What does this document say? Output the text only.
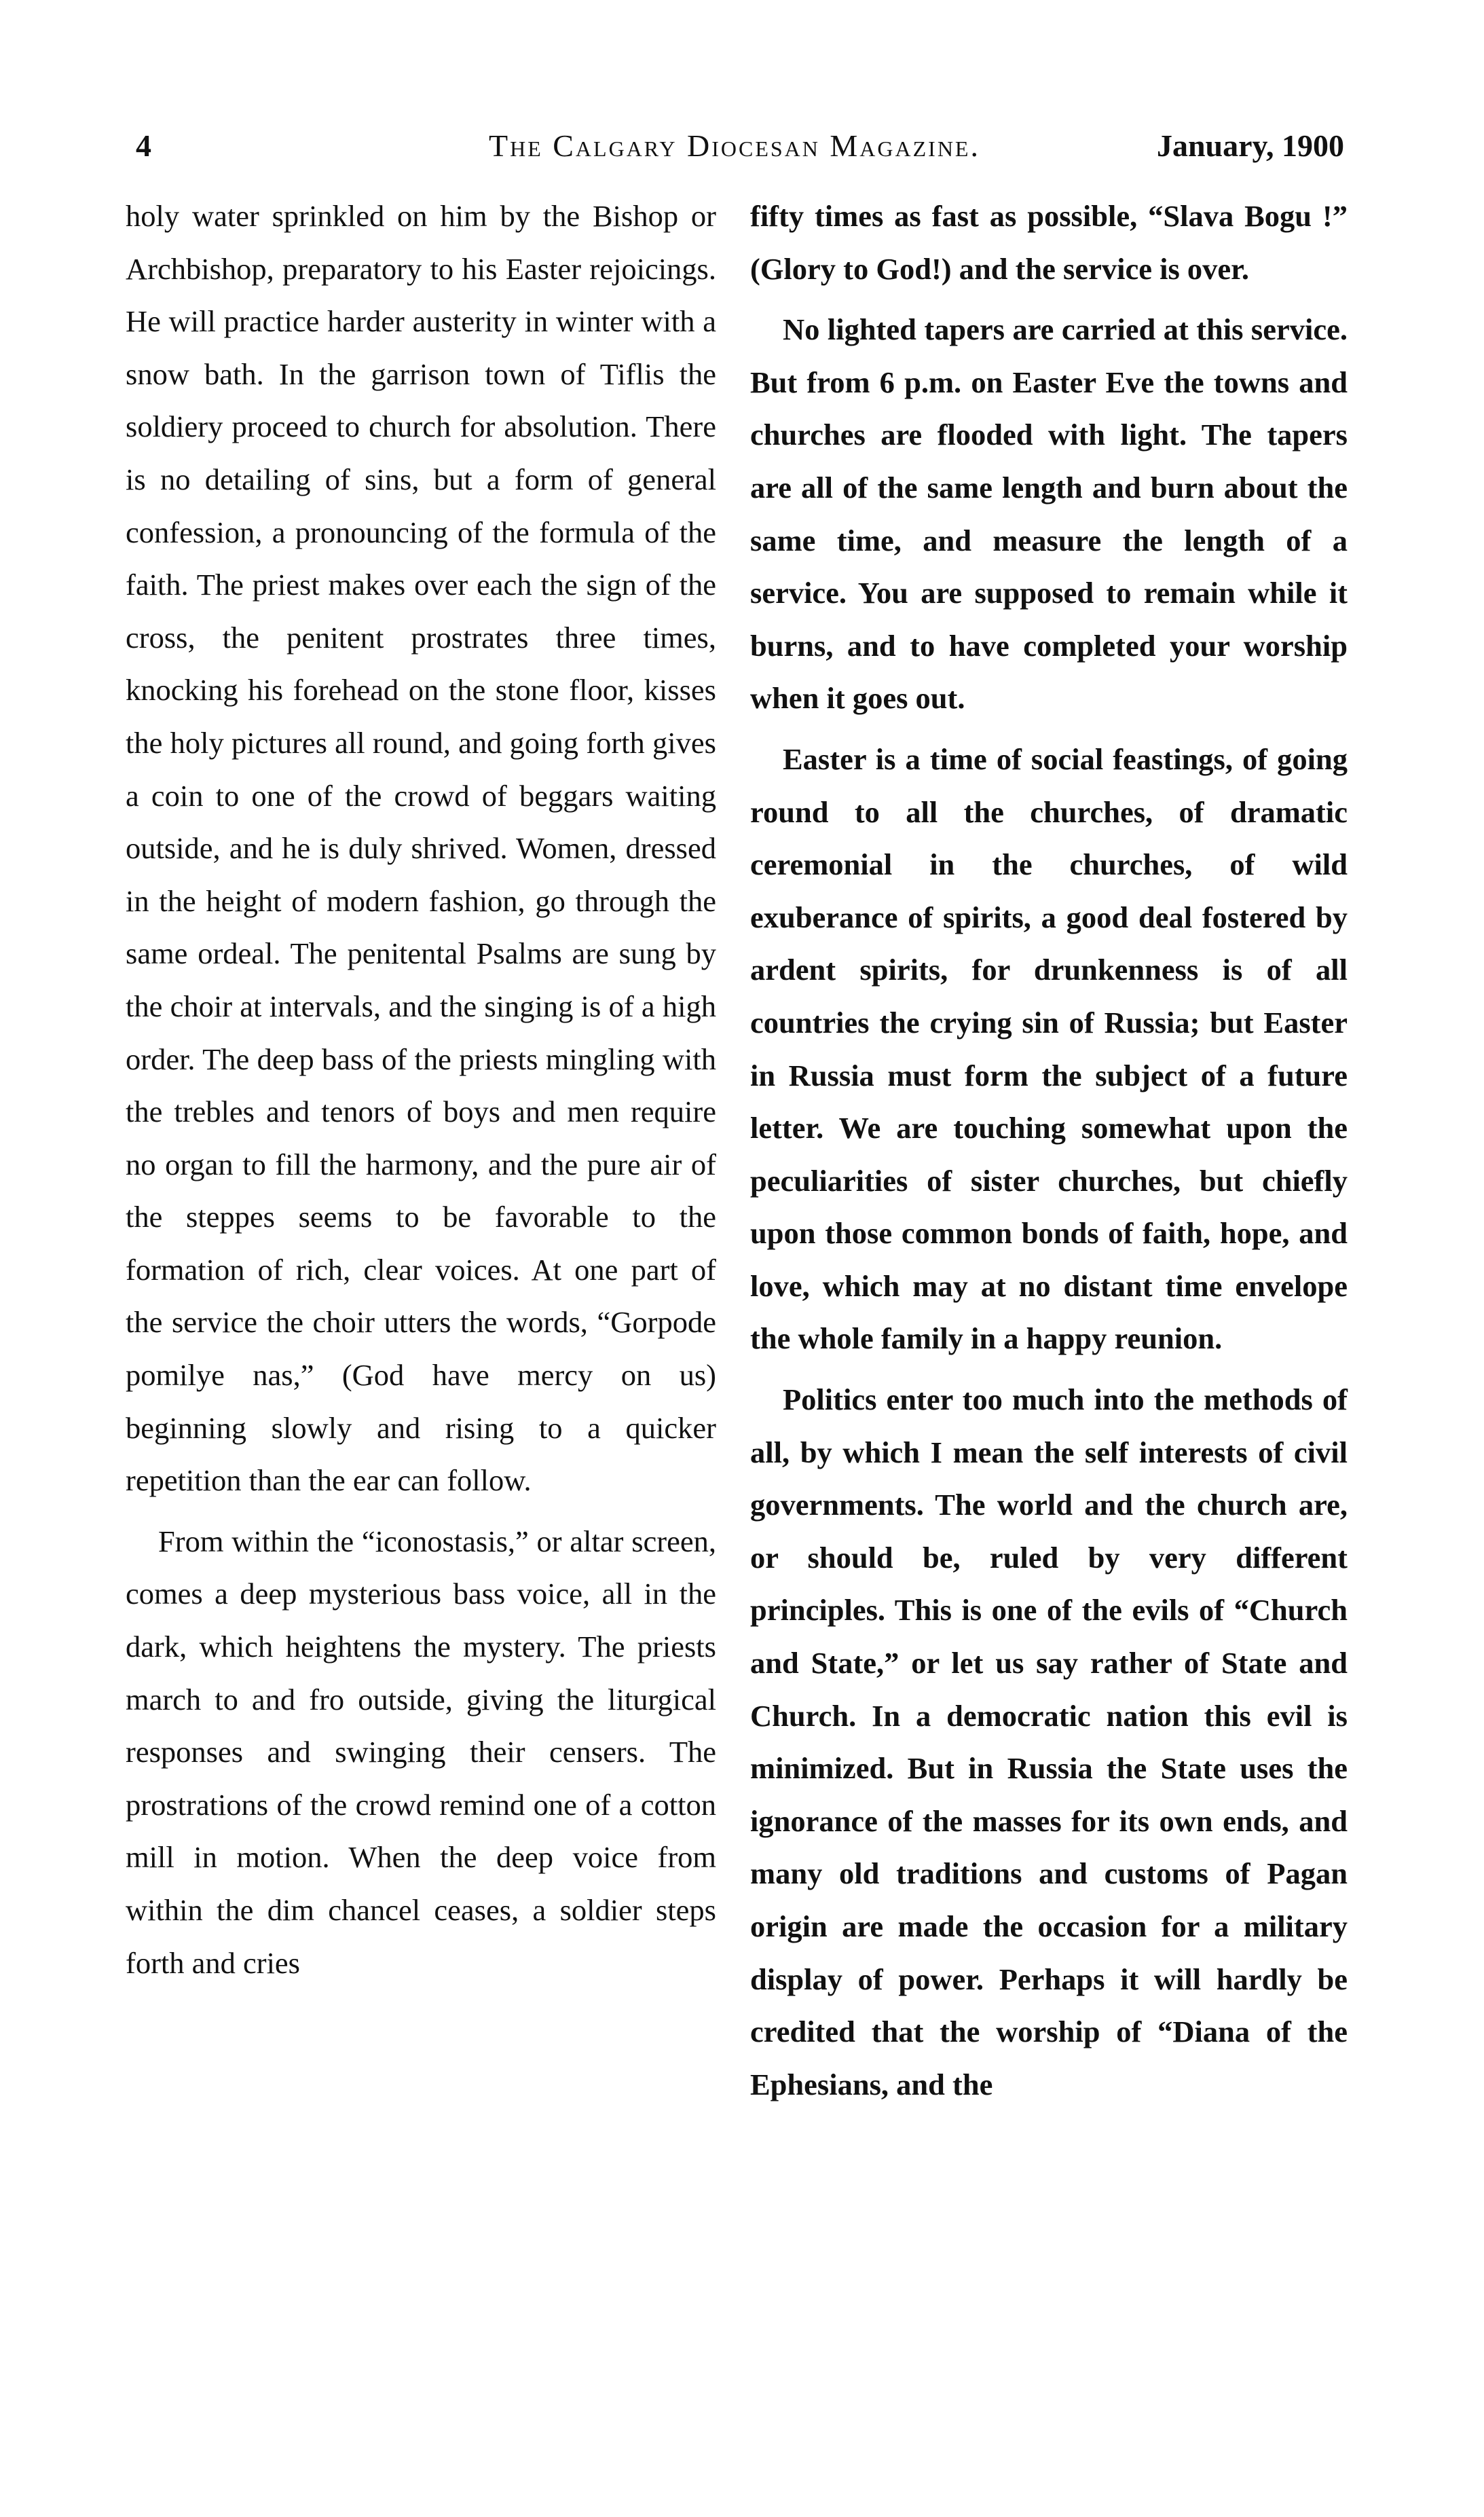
4	The Calgary Diocesan Magazine.	January, 1900

holy water sprinkled on him by the Bishop or Archbishop, preparatory to his Easter rejoicings. He will practice harder austerity in winter with a snow bath. In the garrison town of Tiflis the soldiery proceed to church for absolution. There is no detailing of sins, but a form of general confession, a pronouncing of the formula of the faith. The priest makes over each the sign of the cross, the penitent prostrates three times, knocking his forehead on the stone floor, kisses the holy pictures all round, and going forth gives a coin to one of the crowd of beggars waiting outside, and he is duly shrived. Women, dressed in the height of modern fashion, go through the same ordeal. The penitental Psalms are sung by the choir at intervals, and the singing is of a high order. The deep bass of the priests mingling with the trebles and tenors of boys and men require no organ to fill the harmony, and the pure air of the steppes seems to be favorable to the formation of rich, clear voices. At one part of the service the choir utters the words, “Gorpode pomilye nas,” (God have mercy on us) beginning slowly and rising to a quicker repetition than the ear can follow.

From within the “iconostasis,” or altar screen, comes a deep mysterious bass voice, all in the dark, which heightens the mystery. The priests march to and fro outside, giving the liturgical responses and swinging their censers. The prostrations of the crowd remind one of a cotton mill in motion. When the deep voice from within the dim chancel ceases, a soldier steps forth and cries

fifty times as fast as possible, “Slava Bogu !” (Glory to God!) and the service is over.

No lighted tapers are carried at this service. But from 6 p.m. on Easter Eve the towns and churches are flooded with light. The tapers are all of the same length and burn about the same time, and measure the length of a service. You are supposed to remain while it burns, and to have completed your worship when it goes out.

Easter is a time of social feastings, of going round to all the churches, of dramatic ceremonial in the churches, of wild exuberance of spirits, a good deal fostered by ardent spirits, for drunkenness is of all countries the crying sin of Russia; but Easter in Russia must form the subject of a future letter. We are touching somewhat upon the peculiarities of sister churches, but chiefly upon those common bonds of faith, hope, and love, which may at no distant time envelope the whole family in a happy reunion.

Politics enter too much into the methods of all, by which I mean the self interests of civil governments. The world and the church are, or should be, ruled by very different principles. This is one of the evils of “Church and State,” or let us say rather of State and Church. In a democratic nation this evil is minimized. But in Russia the State uses the ignorance of the masses for its own ends, and many old traditions and customs of Pagan origin are made the occasion for a military display of power. Perhaps it will hardly be credited that the worship of “Diana of the Ephesians, and the
